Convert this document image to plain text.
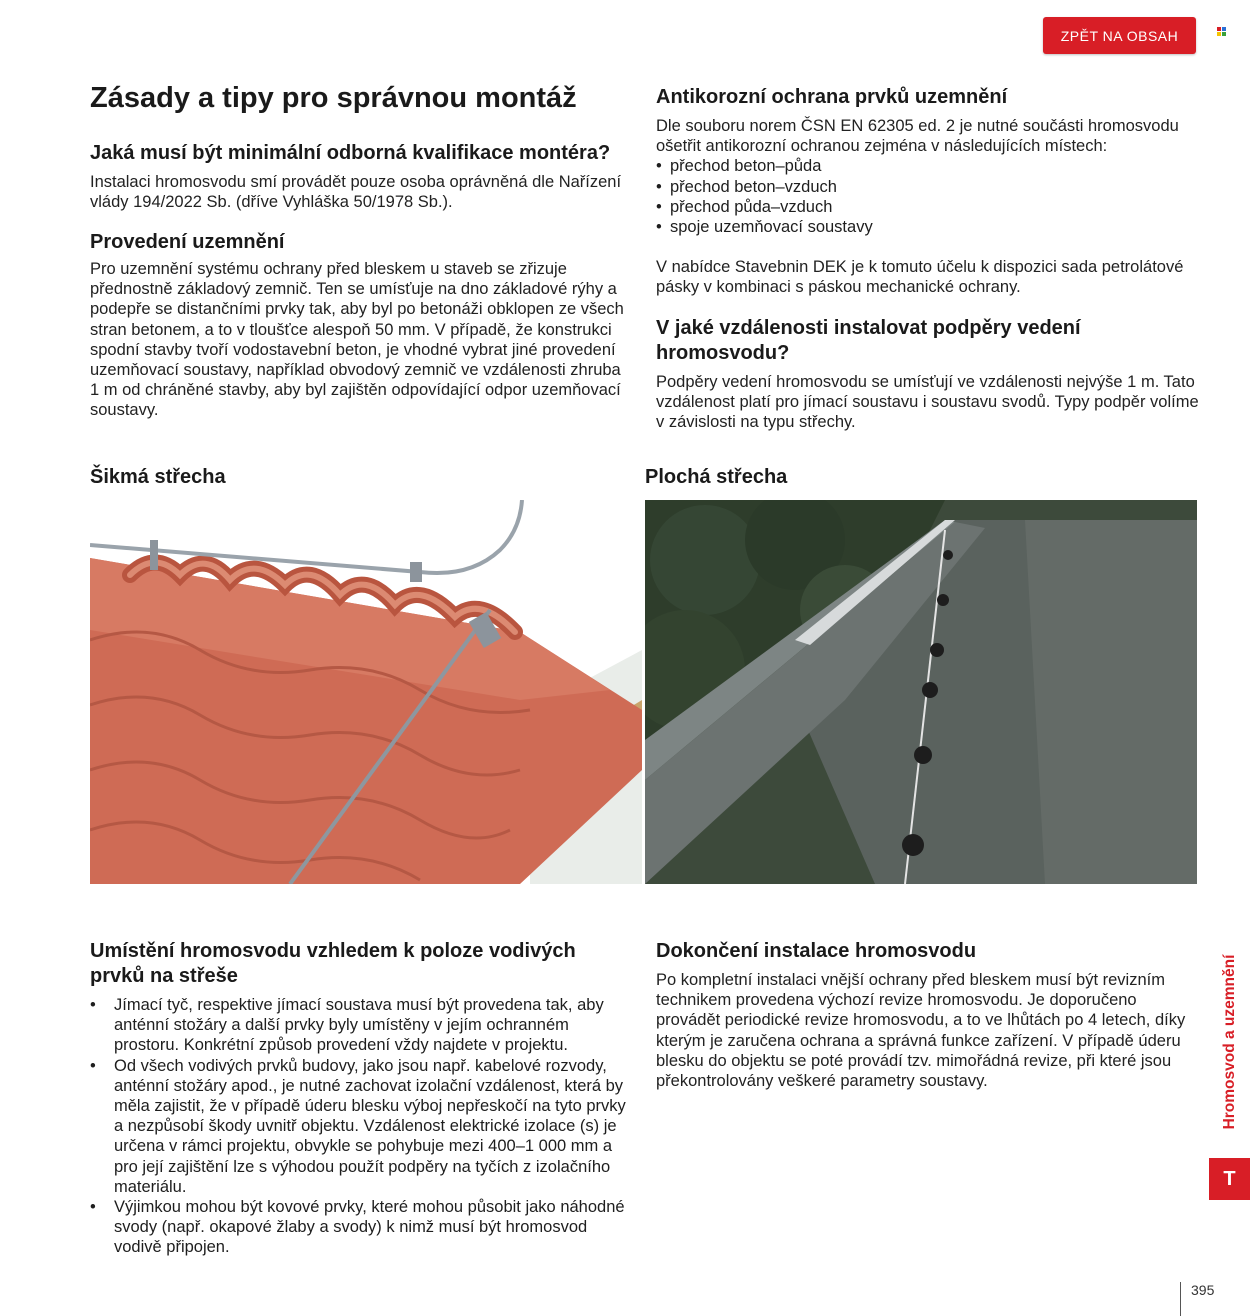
ZPĚT NA OBSAH
Zásady a tipy pro správnou montáž
Jaká musí být minimální odborná kvalifikace montéra?

Instalaci hromosvodu smí provádět pouze osoba oprávněná dle Nařízení vlády 194/2022 Sb. (dříve Vyhláška 50/1978 Sb.).

Provedení uzemnění

Pro uzemnění systému ochrany před bleskem u staveb se zřizuje přednostně základový zemnič. Ten se umísťuje na dno základové rýhy a podepře se distančními prvky tak, aby byl po betonáži obklopen ze všech stran betonem, a to v tloušťce alespoň 50 mm. V případě, že konstrukci spodní stavby tvoří vodostavební beton, je vhodné vybrat jiné provedení uzemňovací soustavy, například obvodový zemnič ve vzdálenosti zhruba 1 m od chráněné stavby, aby byl zajištěn odpovídající odpor uzemňovací soustavy.

Antikorozní ochrana prvků uzemnění

Dle souboru norem ČSN EN 62305 ed. 2 je nutné součásti hromosvodu ošetřit antikorozní ochranou zejména v následujících místech:

• přechod beton–půda
• přechod beton–vzduch
• přechod půda–vzduch
• spoje uzemňovací soustavy

V nabídce Stavebnin DEK je k tomuto účelu k dispozici sada petrolátové pásky v kombinaci s páskou mechanické ochrany.

V jaké vzdálenosti instalovat podpěry vedení hromosvodu?

Podpěry vedení hromosvodu se umísťují ve vzdálenosti nejvýše 1 m. Tato vzdálenost platí pro jímací soustavu i soustavu svodů. Typy podpěr volíme v závislosti na typu střechy.

Šikmá střecha	Plochá střecha
Umístění hromosvodu vzhledem k poloze vodivých prvků na střeše
• Jímací tyč, respektive jímací soustava musí být provedena tak, aby anténní stožáry a další prvky byly umístěny v jejím ochranném prostoru. Konkrétní způsob provedení vždy najdete v projektu.
• Od všech vodivých prvků budovy, jako jsou např. kabelové rozvody, anténní stožáry apod., je nutné zachovat izolační vzdálenost, která by měla zajistit, že v případě úderu blesku výboj nepřeskočí na tyto prvky a nezpůsobí škody uvnitř objektu. Vzdálenost elektrické izolace (s) je určena v rámci projektu, obvykle se pohybuje mezi 400–1 000 mm a pro její zajištění lze s výhodou použít podpěry na tyčích z izolačního materiálu.
• Výjimkou mohou být kovové prvky, které mohou působit jako náhodné svody (např. okapové žlaby a svody) k nimž musí být hromosvod vodivě připojen.
Dokončení instalace hromosvodu

Po kompletní instalaci vnější ochrany před bleskem musí být revizním technikem provedena výchozí revize hromosvodu. Je doporučeno provádět periodické revize hromosvodu, a to ve lhůtách po 4 letech, díky kterým je zaručena ochrana a správná funkce zařízení. V případě úderu blesku do objektu se poté provádí tzv. mimořádná revize, při které jsou překontrolovány veškeré parametry soustavy.	Hromosvod a uzemnění
T
395
